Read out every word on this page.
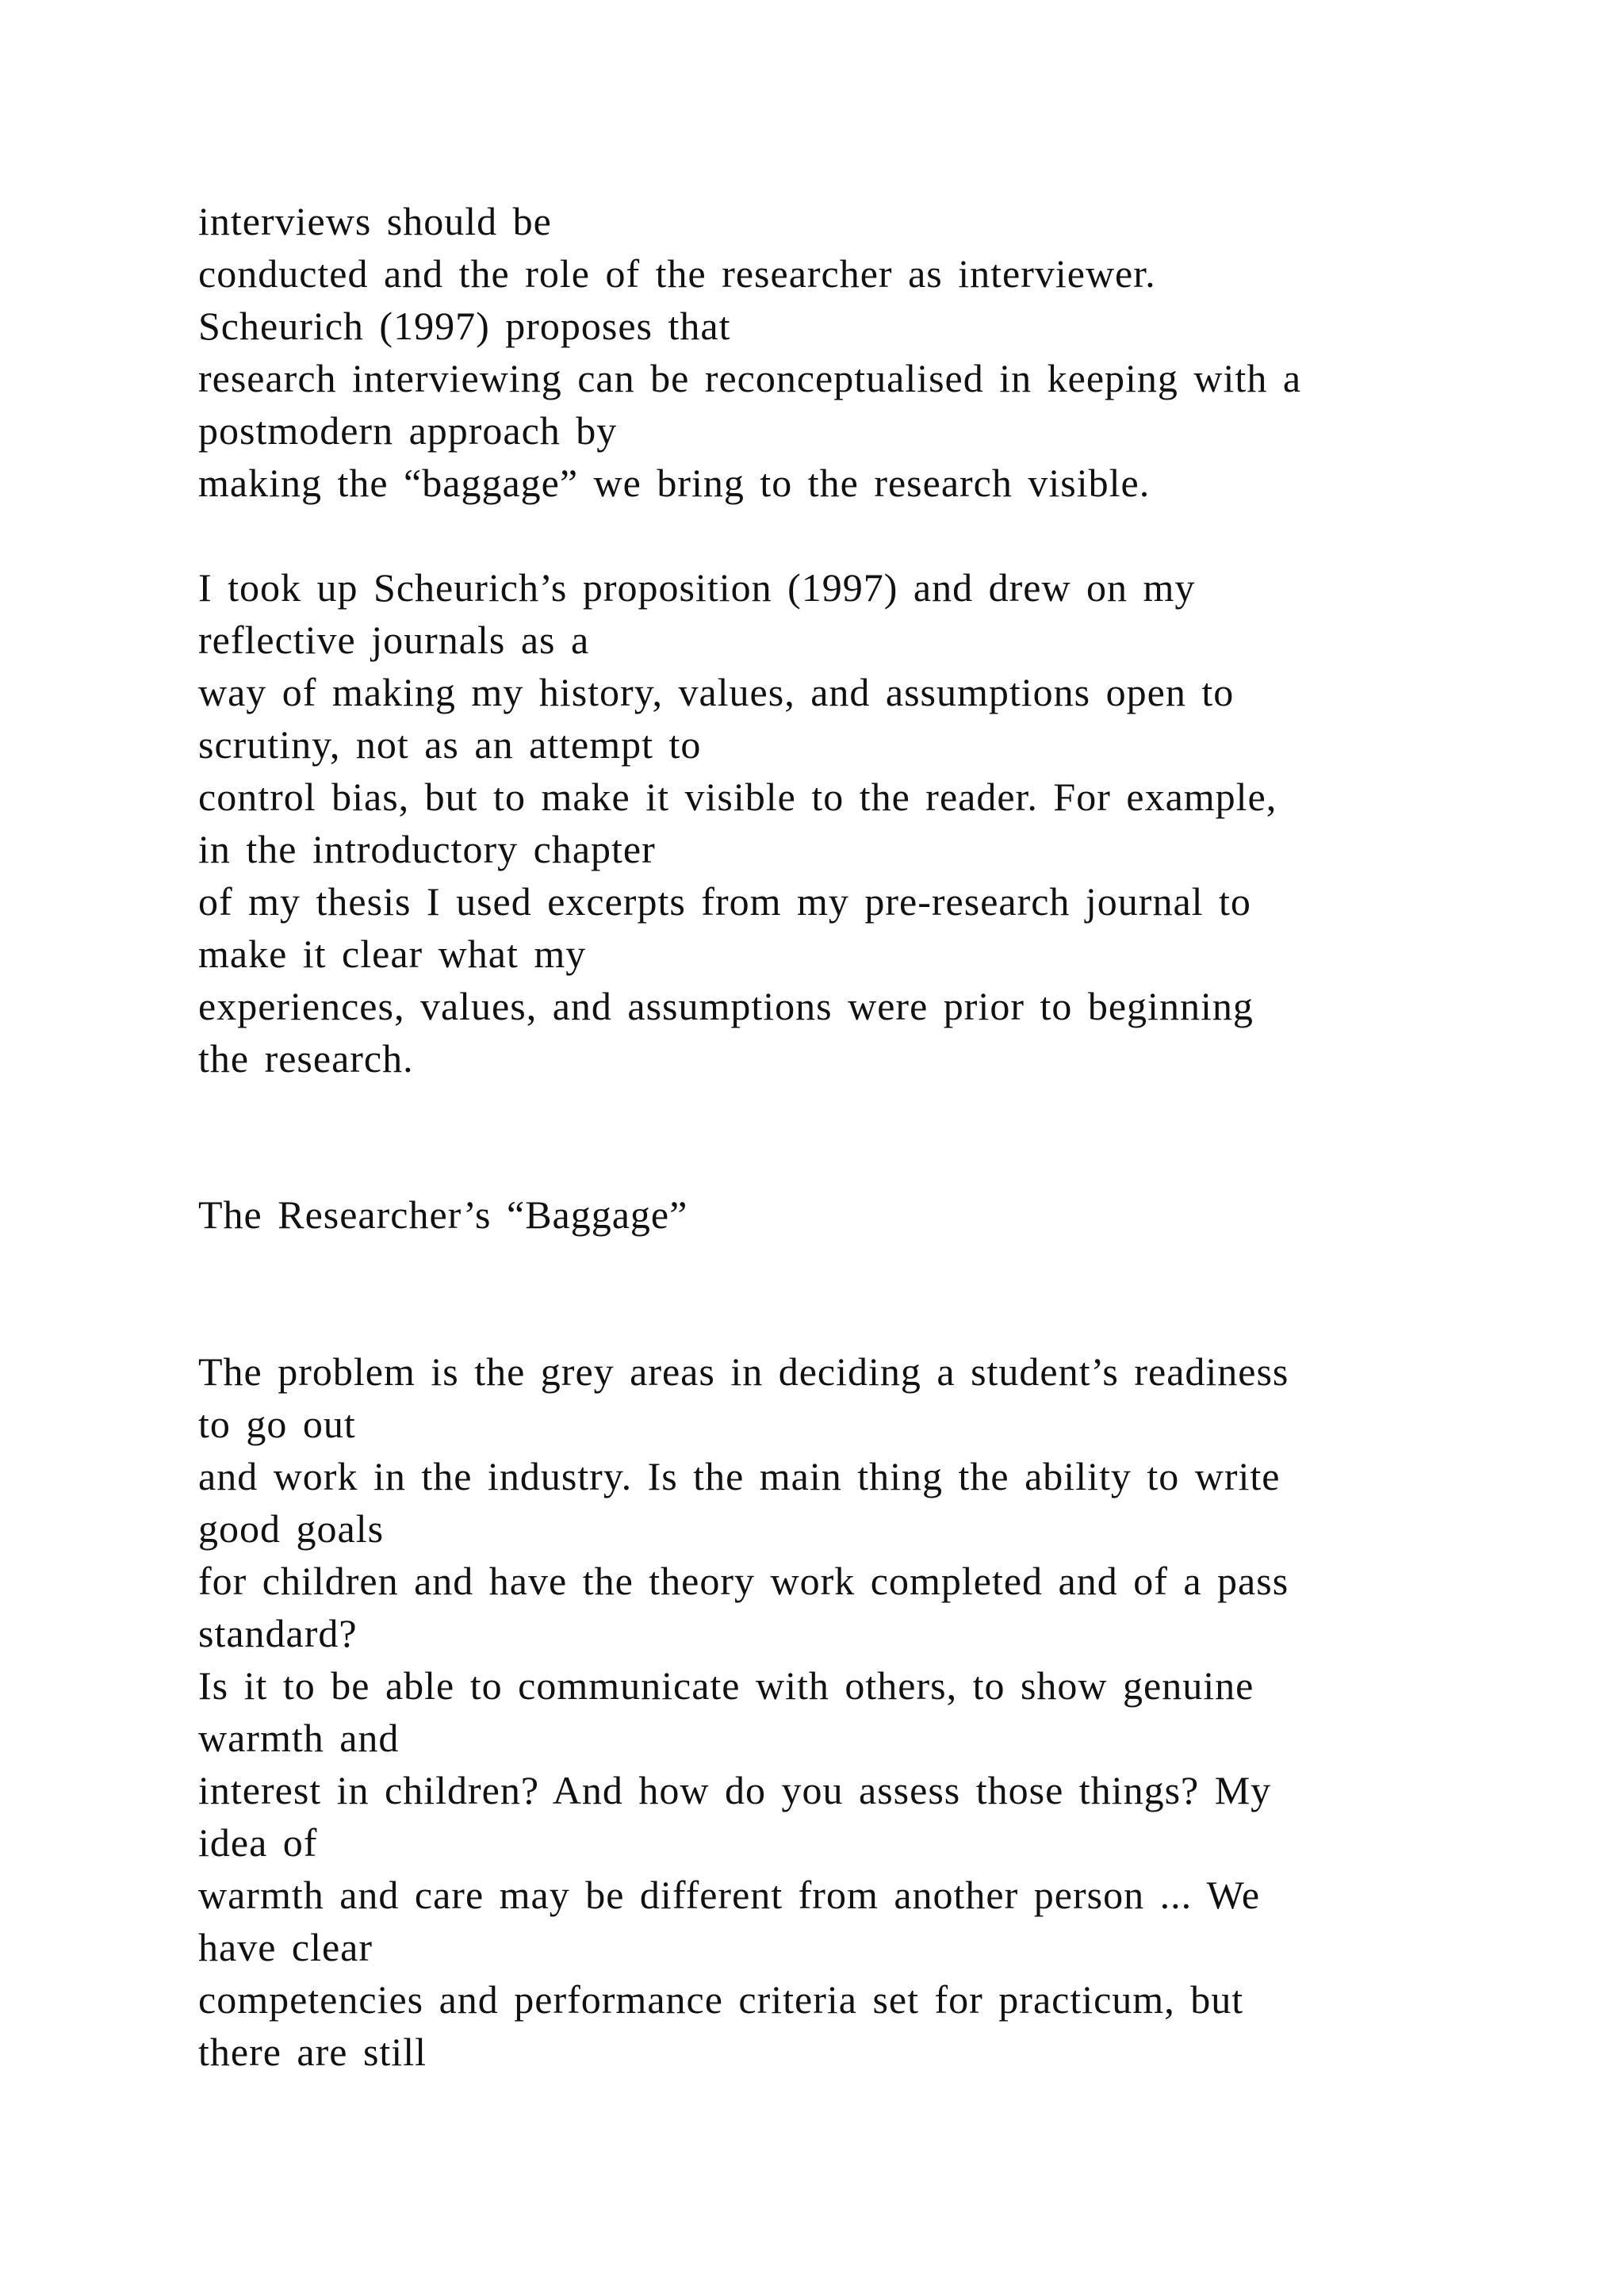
interviews should be

conducted and the role of the researcher as interviewer.

Scheurich (1997) proposes that

research interviewing can be reconceptualised in keeping with a

postmodern approach by

making the “baggage” we bring to the research visible.

I took up Scheurich’s proposition (1997) and drew on my

reflective journals as a

way of making my history, values, and assumptions open to

scrutiny, not as an attempt to

control bias, but to make it visible to the reader. For example,

in the introductory chapter

of my thesis I used excerpts from my pre-research journal to

make it clear what my

experiences, values, and assumptions were prior to beginning

the research.

The Researcher’s “Baggage”

The problem is the grey areas in deciding a student’s readiness

to go out

and work in the industry. Is the main thing the ability to write

good goals

for children and have the theory work completed and of a pass

standard?

Is it to be able to communicate with others, to show genuine

warmth and

interest in children? And how do you assess those things? My

idea of

warmth and care may be different from another person ... We

have clear

competencies and performance criteria set for practicum, but

there are still
